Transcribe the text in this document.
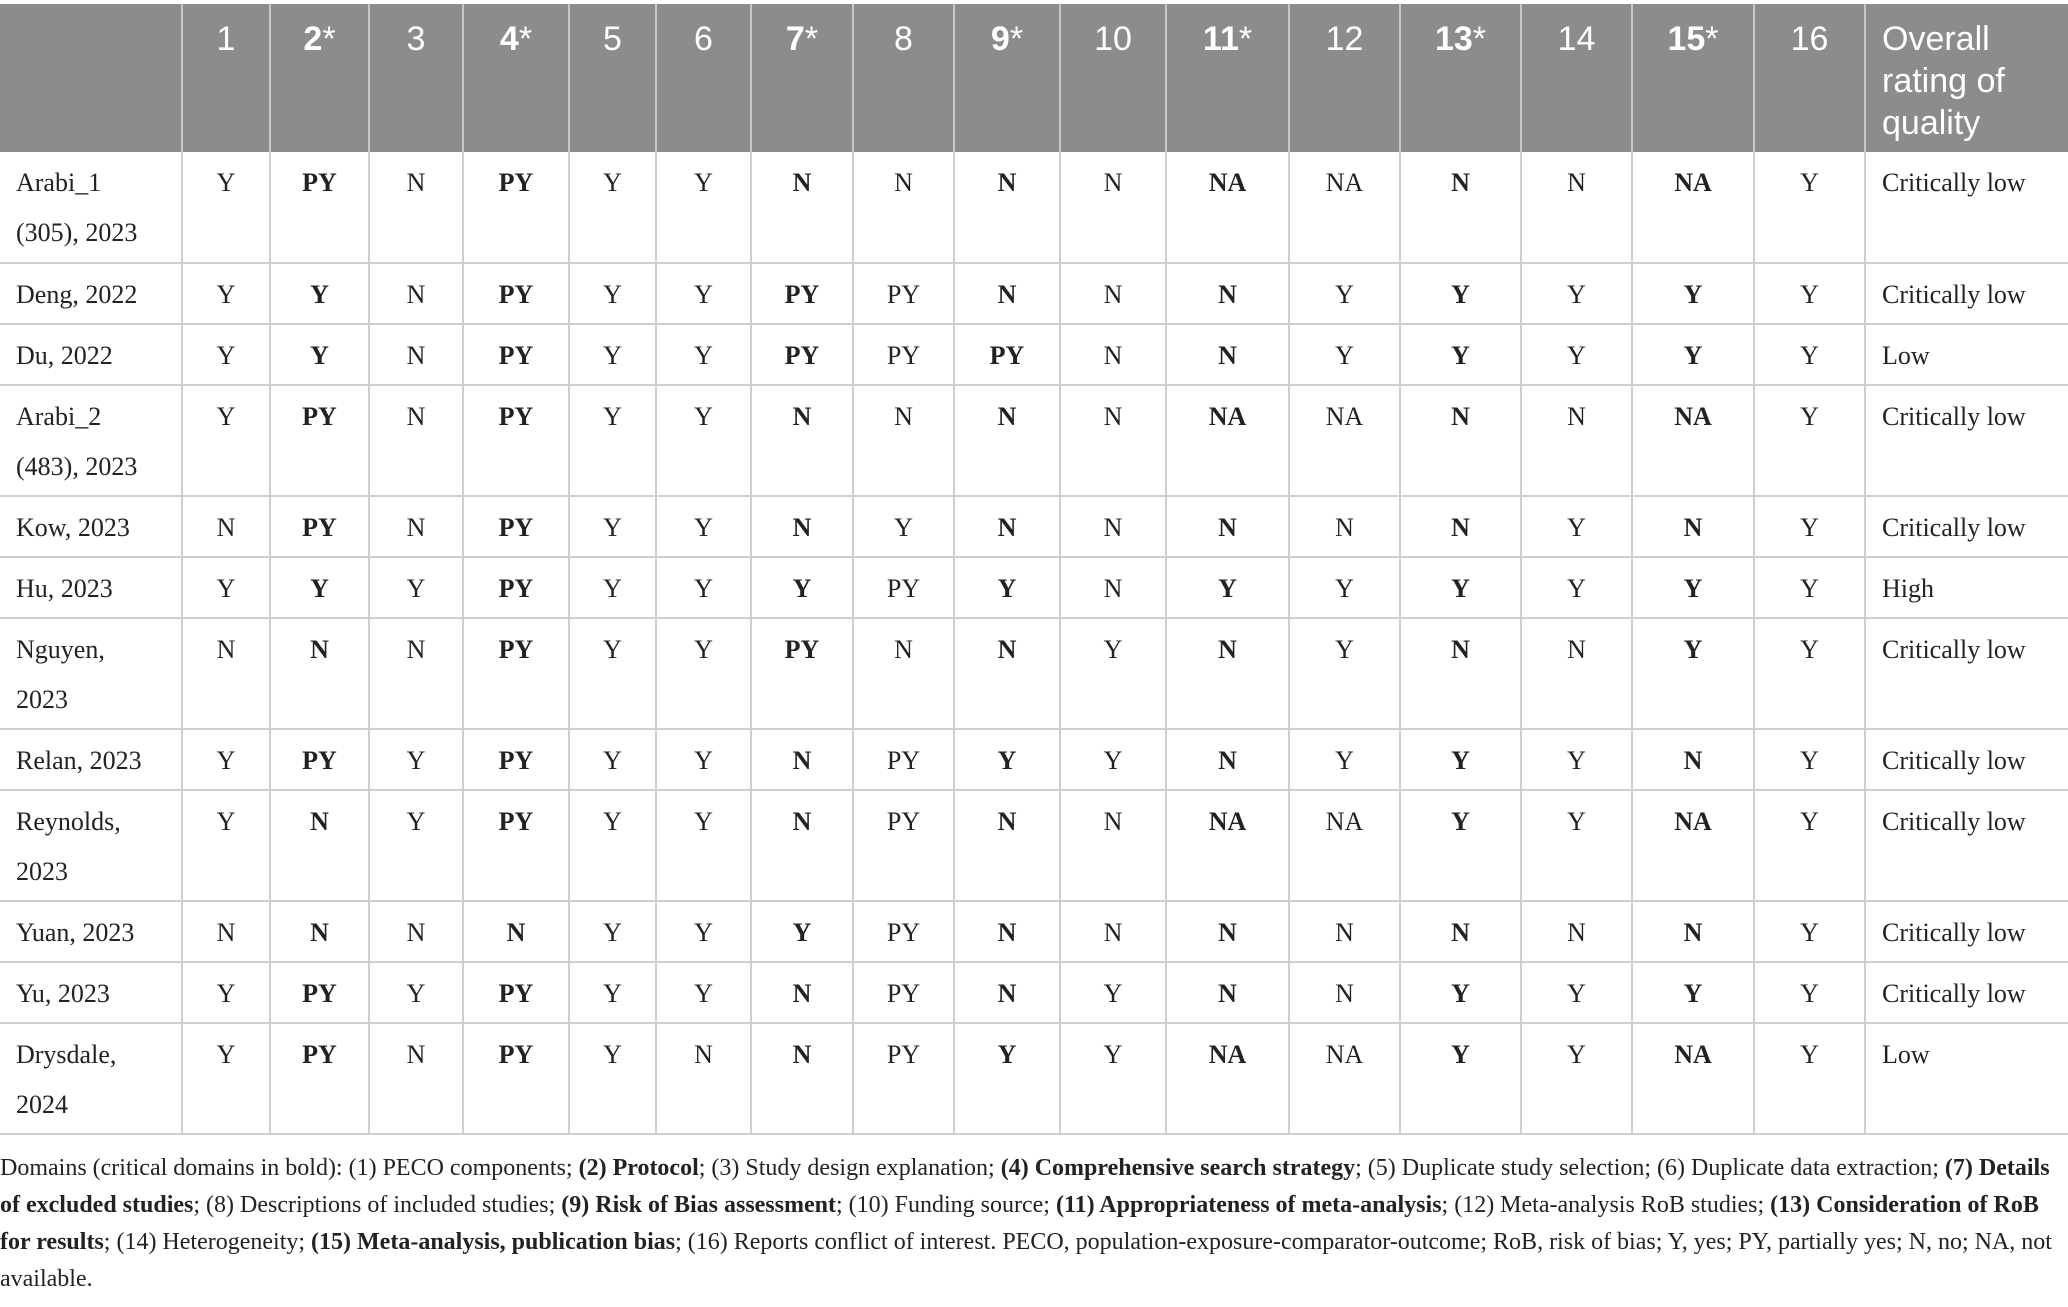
	1	2*	3	4*	5	6	7*	8	9*	10	11*	12	13*	14	15*	16	Overall
rating of
quality
Arabi_1
(305), 2023	Y	PY	N	PY	Y	Y	N	N	N	N	NA	NA	N	N	NA	Y	Critically low
Deng, 2022	Y	Y	N	PY	Y	Y	PY	PY	N	N	N	Y	Y	Y	Y	Y	Critically low
Du, 2022	Y	Y	N	PY	Y	Y	PY	PY	PY	N	N	Y	Y	Y	Y	Y	Low
Arabi_2
(483), 2023	Y	PY	N	PY	Y	Y	N	N	N	N	NA	NA	N	N	NA	Y	Critically low
Kow, 2023	N	PY	N	PY	Y	Y	N	Y	N	N	N	N	N	Y	N	Y	Critically low
Hu, 2023	Y	Y	Y	PY	Y	Y	Y	PY	Y	N	Y	Y	Y	Y	Y	Y	High
Nguyen,
2023	N	N	N	PY	Y	Y	PY	N	N	Y	N	Y	N	N	Y	Y	Critically low
Relan, 2023	Y	PY	Y	PY	Y	Y	N	PY	Y	Y	N	Y	Y	Y	N	Y	Critically low
Reynolds,
2023	Y	N	Y	PY	Y	Y	N	PY	N	N	NA	NA	Y	Y	NA	Y	Critically low
Yuan, 2023	N	N	N	N	Y	Y	Y	PY	N	N	N	N	N	N	N	Y	Critically low
Yu, 2023	Y	PY	Y	PY	Y	Y	N	PY	N	Y	N	N	Y	Y	Y	Y	Critically low
Drysdale,
2024	Y	PY	N	PY	Y	N	N	PY	Y	Y	NA	NA	Y	Y	NA	Y	Low

Domains (critical domains in bold): (1) PECO components; (2) Protocol; (3) Study design explanation; (4) Comprehensive search strategy; (5) Duplicate study selection; (6) Duplicate data extraction; (7) Details of excluded studies; (8) Descriptions of included studies; (9) Risk of Bias assessment; (10) Funding source; (11) Appropriateness of meta-analysis; (12) Meta-analysis RoB studies; (13) Consideration of RoB for results; (14) Heterogeneity; (15) Meta-analysis, publication bias; (16) Reports conflict of interest. PECO, population-exposure-comparator-outcome; RoB, risk of bias; Y, yes; PY, partially yes; N, no; NA, not available.
